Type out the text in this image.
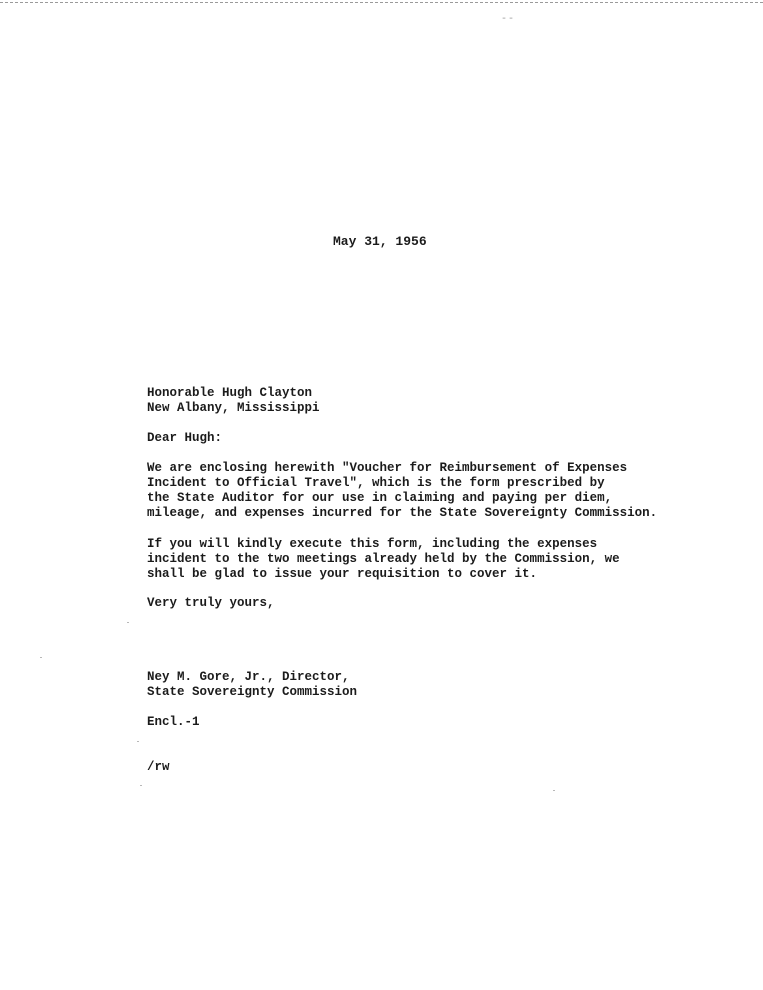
--
May 31, 1956
Honorable Hugh Clayton
New Albany, Mississippi
Dear Hugh:
We are enclosing herewith "Voucher for Reimbursement of Expenses
Incident to Official Travel", which is the form prescribed by
the State Auditor for our use in claiming and paying per diem,
mileage, and expenses incurred for the State Sovereignty Commission.
If you will kindly execute this form, including the expenses
incident to the two meetings already held by the Commission, we
shall be glad to issue your requisition to cover it.
Very truly yours,
Ney M. Gore, Jr., Director,
State Sovereignty Commission
Encl.-1
/rw
